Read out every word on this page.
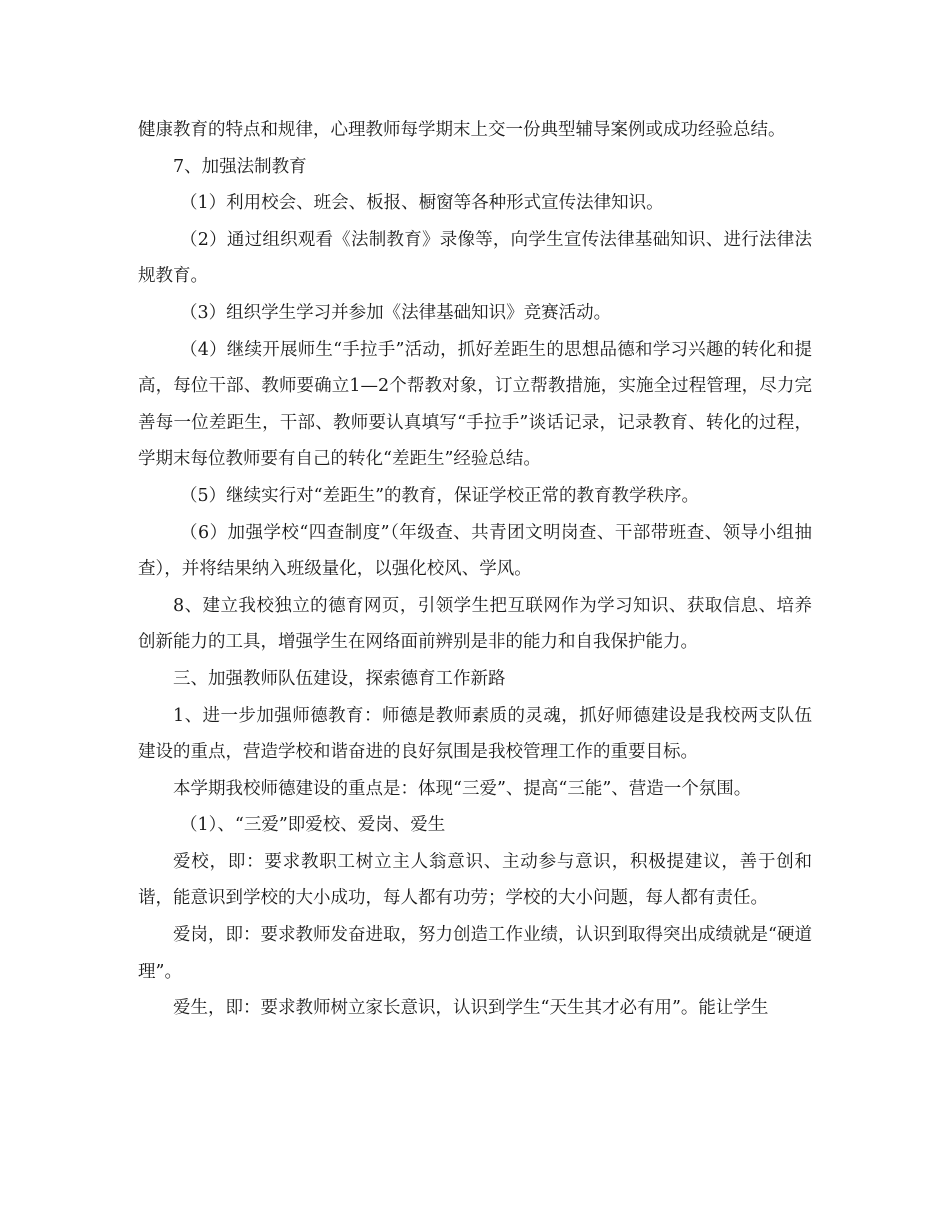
健康教育的特点和规律，心理教师每学期末上交一份典型辅导案例或成功经验总结。

7、加强法制教育

（1）利用校会、班会、板报、橱窗等各种形式宣传法律知识。

（2）通过组织观看《法制教育》录像等，向学生宣传法律基础知识、进行法律法规教育。

（3）组织学生学习并参加《法律基础知识》竞赛活动。

（4）继续开展师生“手拉手”活动，抓好差距生的思想品德和学习兴趣的转化和提高，每位干部、教师要确立1—2个帮教对象，订立帮教措施，实施全过程管理，尽力完善每一位差距生，干部、教师要认真填写“手拉手”谈话记录，记录教育、转化的过程，学期末每位教师要有自己的转化“差距生”经验总结。

（5）继续实行对“差距生”的教育，保证学校正常的教育教学秩序。

（6）加强学校“四查制度”（年级查、共青团文明岗查、干部带班查、领导小组抽查），并将结果纳入班级量化，以强化校风、学风。

8、建立我校独立的德育网页，引领学生把互联网作为学习知识、获取信息、培养创新能力的工具，增强学生在网络面前辨别是非的能力和自我保护能力。

三、加强教师队伍建设，探索德育工作新路

1、进一步加强师德教育：师德是教师素质的灵魂，抓好师德建设是我校两支队伍建设的重点，营造学校和谐奋进的良好氛围是我校管理工作的重要目标。

本学期我校师德建设的重点是：体现“三爱”、提高“三能”、营造一个氛围。

（1）、“三爱”即爱校、爱岗、爱生

爱校，即：要求教职工树立主人翁意识、主动参与意识，积极提建议，善于创和谐，能意识到学校的大小成功，每人都有功劳；学校的大小问题，每人都有责任。

爱岗，即：要求教师发奋进取，努力创造工作业绩，认识到取得突出成绩就是“硬道理”。

爱生，即：要求教师树立家长意识，认识到学生“天生其才必有用”。能让学生
